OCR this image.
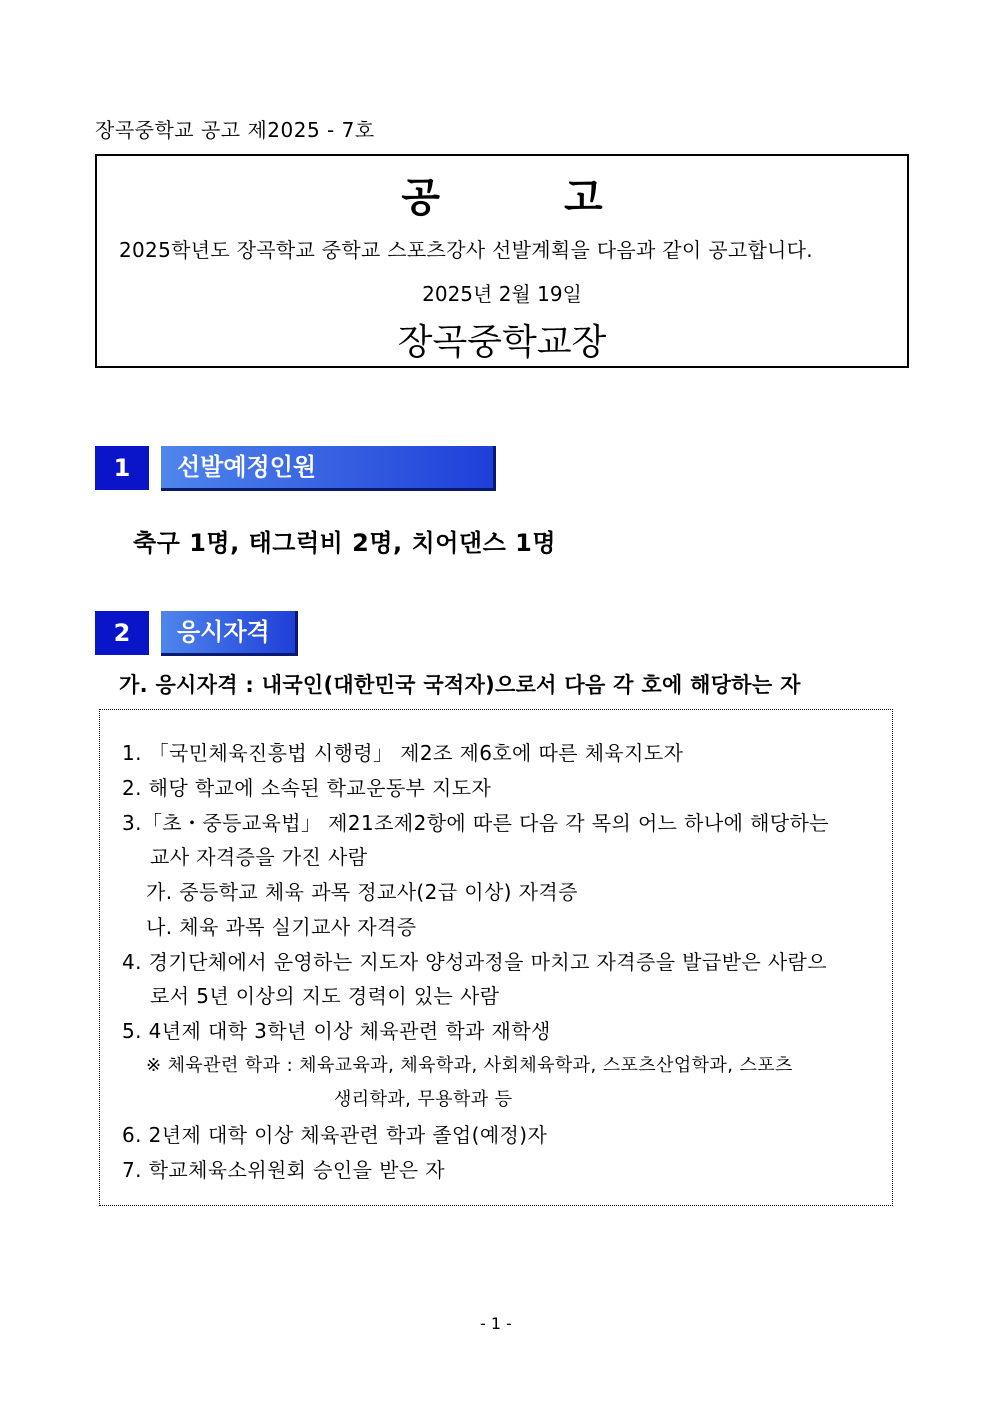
장곡중학교 공고 제2025 - 7호
공 고
2025학년도 장곡학교 중학교 스포츠강사 선발계획을 다음과 같이 공고합니다.
2025년 2월 19일
장곡중학교장
1	선발예정인원
축구 1명, 태그럭비 2명, 치어댄스 1명
2	응시자격
가. 응시자격 : 내국인(대한민국 국적자)으로서 다음 각 호에 해당하는 자
1. 「국민체육진흥법 시행령」 제2조 제6호에 따른 체육지도자
2. 해당 학교에 소속된 학교운동부 지도자
3.「초・중등교육법」 제21조제2항에 따른 다음 각 목의 어느 하나에 해당하는
교사 자격증을 가진 사람
가. 중등학교 체육 과목 정교사(2급 이상) 자격증
나. 체육 과목 실기교사 자격증
4. 경기단체에서 운영하는 지도자 양성과정을 마치고 자격증을 발급받은 사람으
로서 5년 이상의 지도 경력이 있는 사람
5. 4년제 대학 3학년 이상 체육관련 학과 재학생
※ 체육관련 학과 : 체육교육과, 체육학과, 사회체육학과, 스포츠산업학과, 스포츠
생리학과, 무용학과 등
6. 2년제 대학 이상 체육관련 학과 졸업(예정)자
7. 학교체육소위원회 승인을 받은 자
- 1 -
